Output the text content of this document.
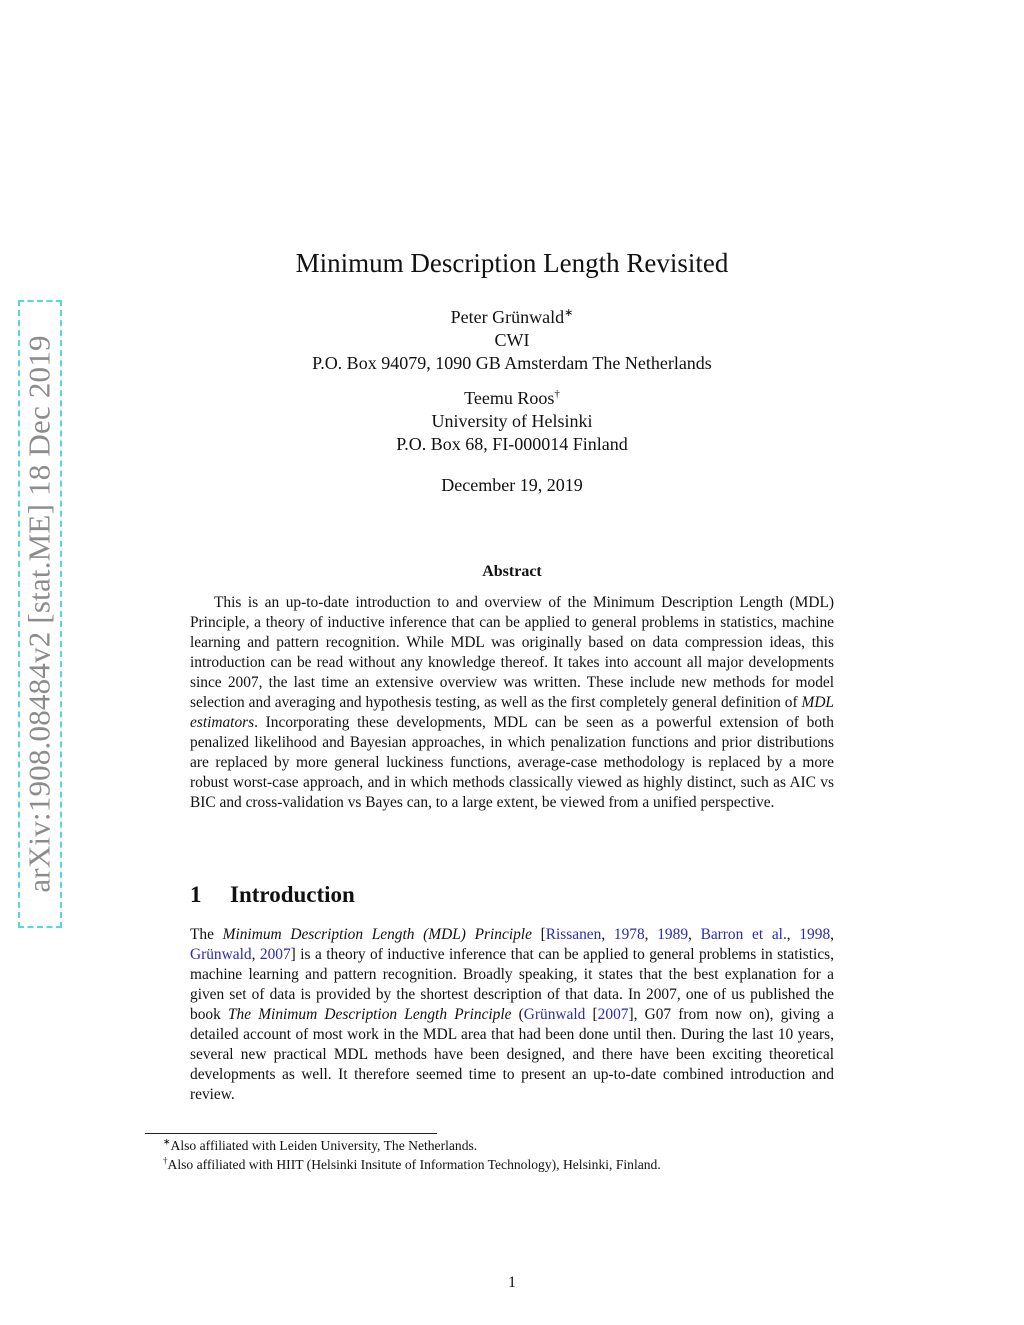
arXiv:1908.08484v2 [stat.ME] 18 Dec 2019
Minimum Description Length Revisited
Peter Grünwald∗
CWI
P.O. Box 94079, 1090 GB Amsterdam The Netherlands
Teemu Roos†
University of Helsinki
P.O. Box 68, FI-000014 Finland
December 19, 2019
Abstract

This is an up-to-date introduction to and overview of the Minimum Description Length (MDL) Principle, a theory of inductive inference that can be applied to general problems in statistics, machine learning and pattern recognition. While MDL was originally based on data compression ideas, this introduction can be read without any knowledge thereof. It takes into account all major developments since 2007, the last time an extensive overview was written. These include new methods for model selection and averaging and hypothesis testing, as well as the first completely general definition of MDL estimators. Incorporating these developments, MDL can be seen as a powerful extension of both penalized likelihood and Bayesian approaches, in which penalization functions and prior distributions are replaced by more general luckiness functions, average-case methodology is replaced by a more robust worst-case approach, and in which methods classically viewed as highly distinct, such as AIC vs BIC and cross-validation vs Bayes can, to a large extent, be viewed from a unified perspective.

1 Introduction

The Minimum Description Length (MDL) Principle [Rissanen, 1978, 1989, Barron et al., 1998, Grünwald, 2007] is a theory of inductive inference that can be applied to general problems in statistics, machine learning and pattern recognition. Broadly speaking, it states that the best explanation for a given set of data is provided by the shortest description of that data. In 2007, one of us published the book The Minimum Description Length Principle (Grünwald [2007], G07 from now on), giving a detailed account of most work in the MDL area that had been done until then. During the last 10 years, several new practical MDL methods have been designed, and there have been exciting theoretical developments as well. It therefore seemed time to present an up-to-date combined introduction and review.

∗Also affiliated with Leiden University, The Netherlands.
†Also affiliated with HIIT (Helsinki Insitute of Information Technology), Helsinki, Finland.
1
